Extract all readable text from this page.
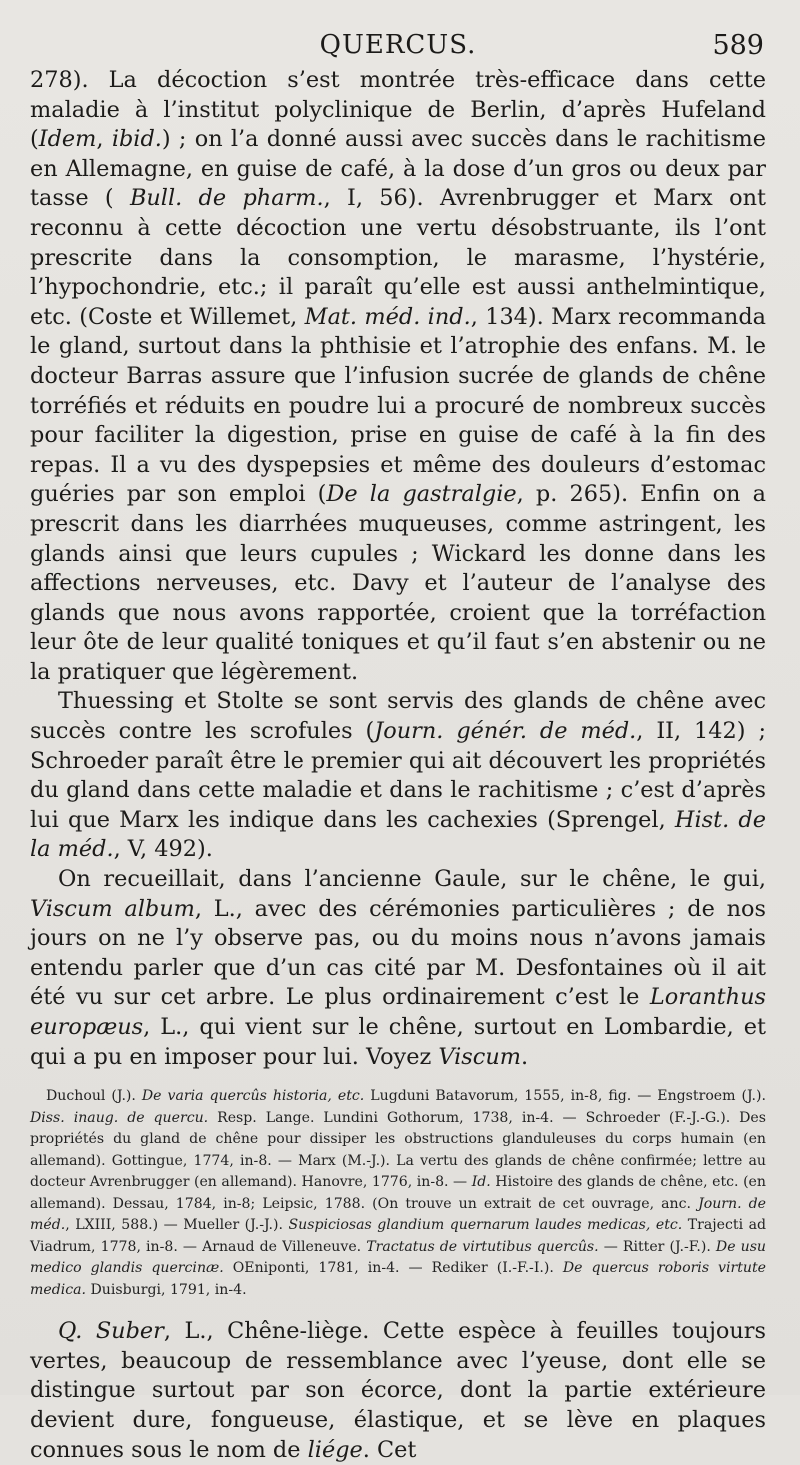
QUERCUS.	589

278). La décoction s’est montrée très-efficace dans cette maladie à l’institut polyclinique de Berlin, d’après Hufeland (Idem, ibid.) ; on l’a donné aussi avec succès dans le rachitisme en Allemagne, en guise de café, à la dose d’un gros ou deux par tasse ( Bull. de pharm., I, 56). Avrenbrugger et Marx ont reconnu à cette décoction une vertu désobstruante, ils l’ont prescrite dans la consomption, le marasme, l’hystérie, l’hypochondrie, etc.; il paraît qu’elle est aussi anthelmintique, etc. (Coste et Willemet, Mat. méd. ind., 134). Marx recommanda le gland, surtout dans la phthisie et l’atrophie des enfans. M. le docteur Barras assure que l’infusion sucrée de glands de chêne torréfiés et réduits en poudre lui a procuré de nombreux succès pour faciliter la digestion, prise en guise de café à la fin des repas. Il a vu des dyspepsies et même des douleurs d’estomac guéries par son emploi (De la gastralgie, p. 265). Enfin on a prescrit dans les diarrhées muqueuses, comme astringent, les glands ainsi que leurs cupules ; Wickard les donne dans les affections nerveuses, etc. Davy et l’auteur de l’analyse des glands que nous avons rapportée, croient que la torréfaction leur ôte de leur qualité toniques et qu’il faut s’en abstenir ou ne la pratiquer que légèrement.

Thuessing et Stolte se sont servis des glands de chêne avec succès contre les scrofules (Journ. génér. de méd., II, 142) ; Schroeder paraît être le premier qui ait découvert les propriétés du gland dans cette maladie et dans le rachitisme ; c’est d’après lui que Marx les indique dans les cachexies (Sprengel, Hist. de la méd., V, 492).

On recueillait, dans l’ancienne Gaule, sur le chêne, le gui, Viscum album, L., avec des cérémonies particulières ; de nos jours on ne l’y observe pas, ou du moins nous n’avons jamais entendu parler que d’un cas cité par M. Desfontaines où il ait été vu sur cet arbre. Le plus ordinairement c’est le Loranthus europæus, L., qui vient sur le chêne, surtout en Lombardie, et qui a pu en imposer pour lui. Voyez Viscum.

Duchoul (J.). De varia quercûs historia, etc. Lugduni Batavorum, 1555, in-8, fig. — Engstroem (J.). Diss. inaug. de quercu. Resp. Lange. Lundini Gothorum, 1738, in-4. — Schroeder (F.-J.-G.). Des propriétés du gland de chêne pour dissiper les obstructions glanduleuses du corps humain (en allemand). Gottingue, 1774, in-8. — Marx (M.-J.). La vertu des glands de chêne confirmée; lettre au docteur Avrenbrugger (en allemand). Hanovre, 1776, in-8. — Id. Histoire des glands de chêne, etc. (en allemand). Dessau, 1784, in-8; Leipsic, 1788. (On trouve un extrait de cet ouvrage, anc. Journ. de méd., LXIII, 588.) — Mueller (J.-J.). Suspiciosas glandium quernarum laudes medicas, etc. Trajecti ad Viadrum, 1778, in-8. — Arnaud de Villeneuve. Tractatus de virtutibus quercûs. — Ritter (J.-F.). De usu medico glandis quercinæ. OEniponti, 1781, in-4. — Rediker (I.-F.-I.). De quercus roboris virtute medica. Duisburgi, 1791, in-4.

Q. Suber, L., Chêne-liège. Cette espèce à feuilles toujours vertes, beaucoup de ressemblance avec l’yeuse, dont elle se distingue surtout par son écorce, dont la partie extérieure devient dure, fongueuse, élastique, et se lève en plaques connues sous le nom de liége. Cet
